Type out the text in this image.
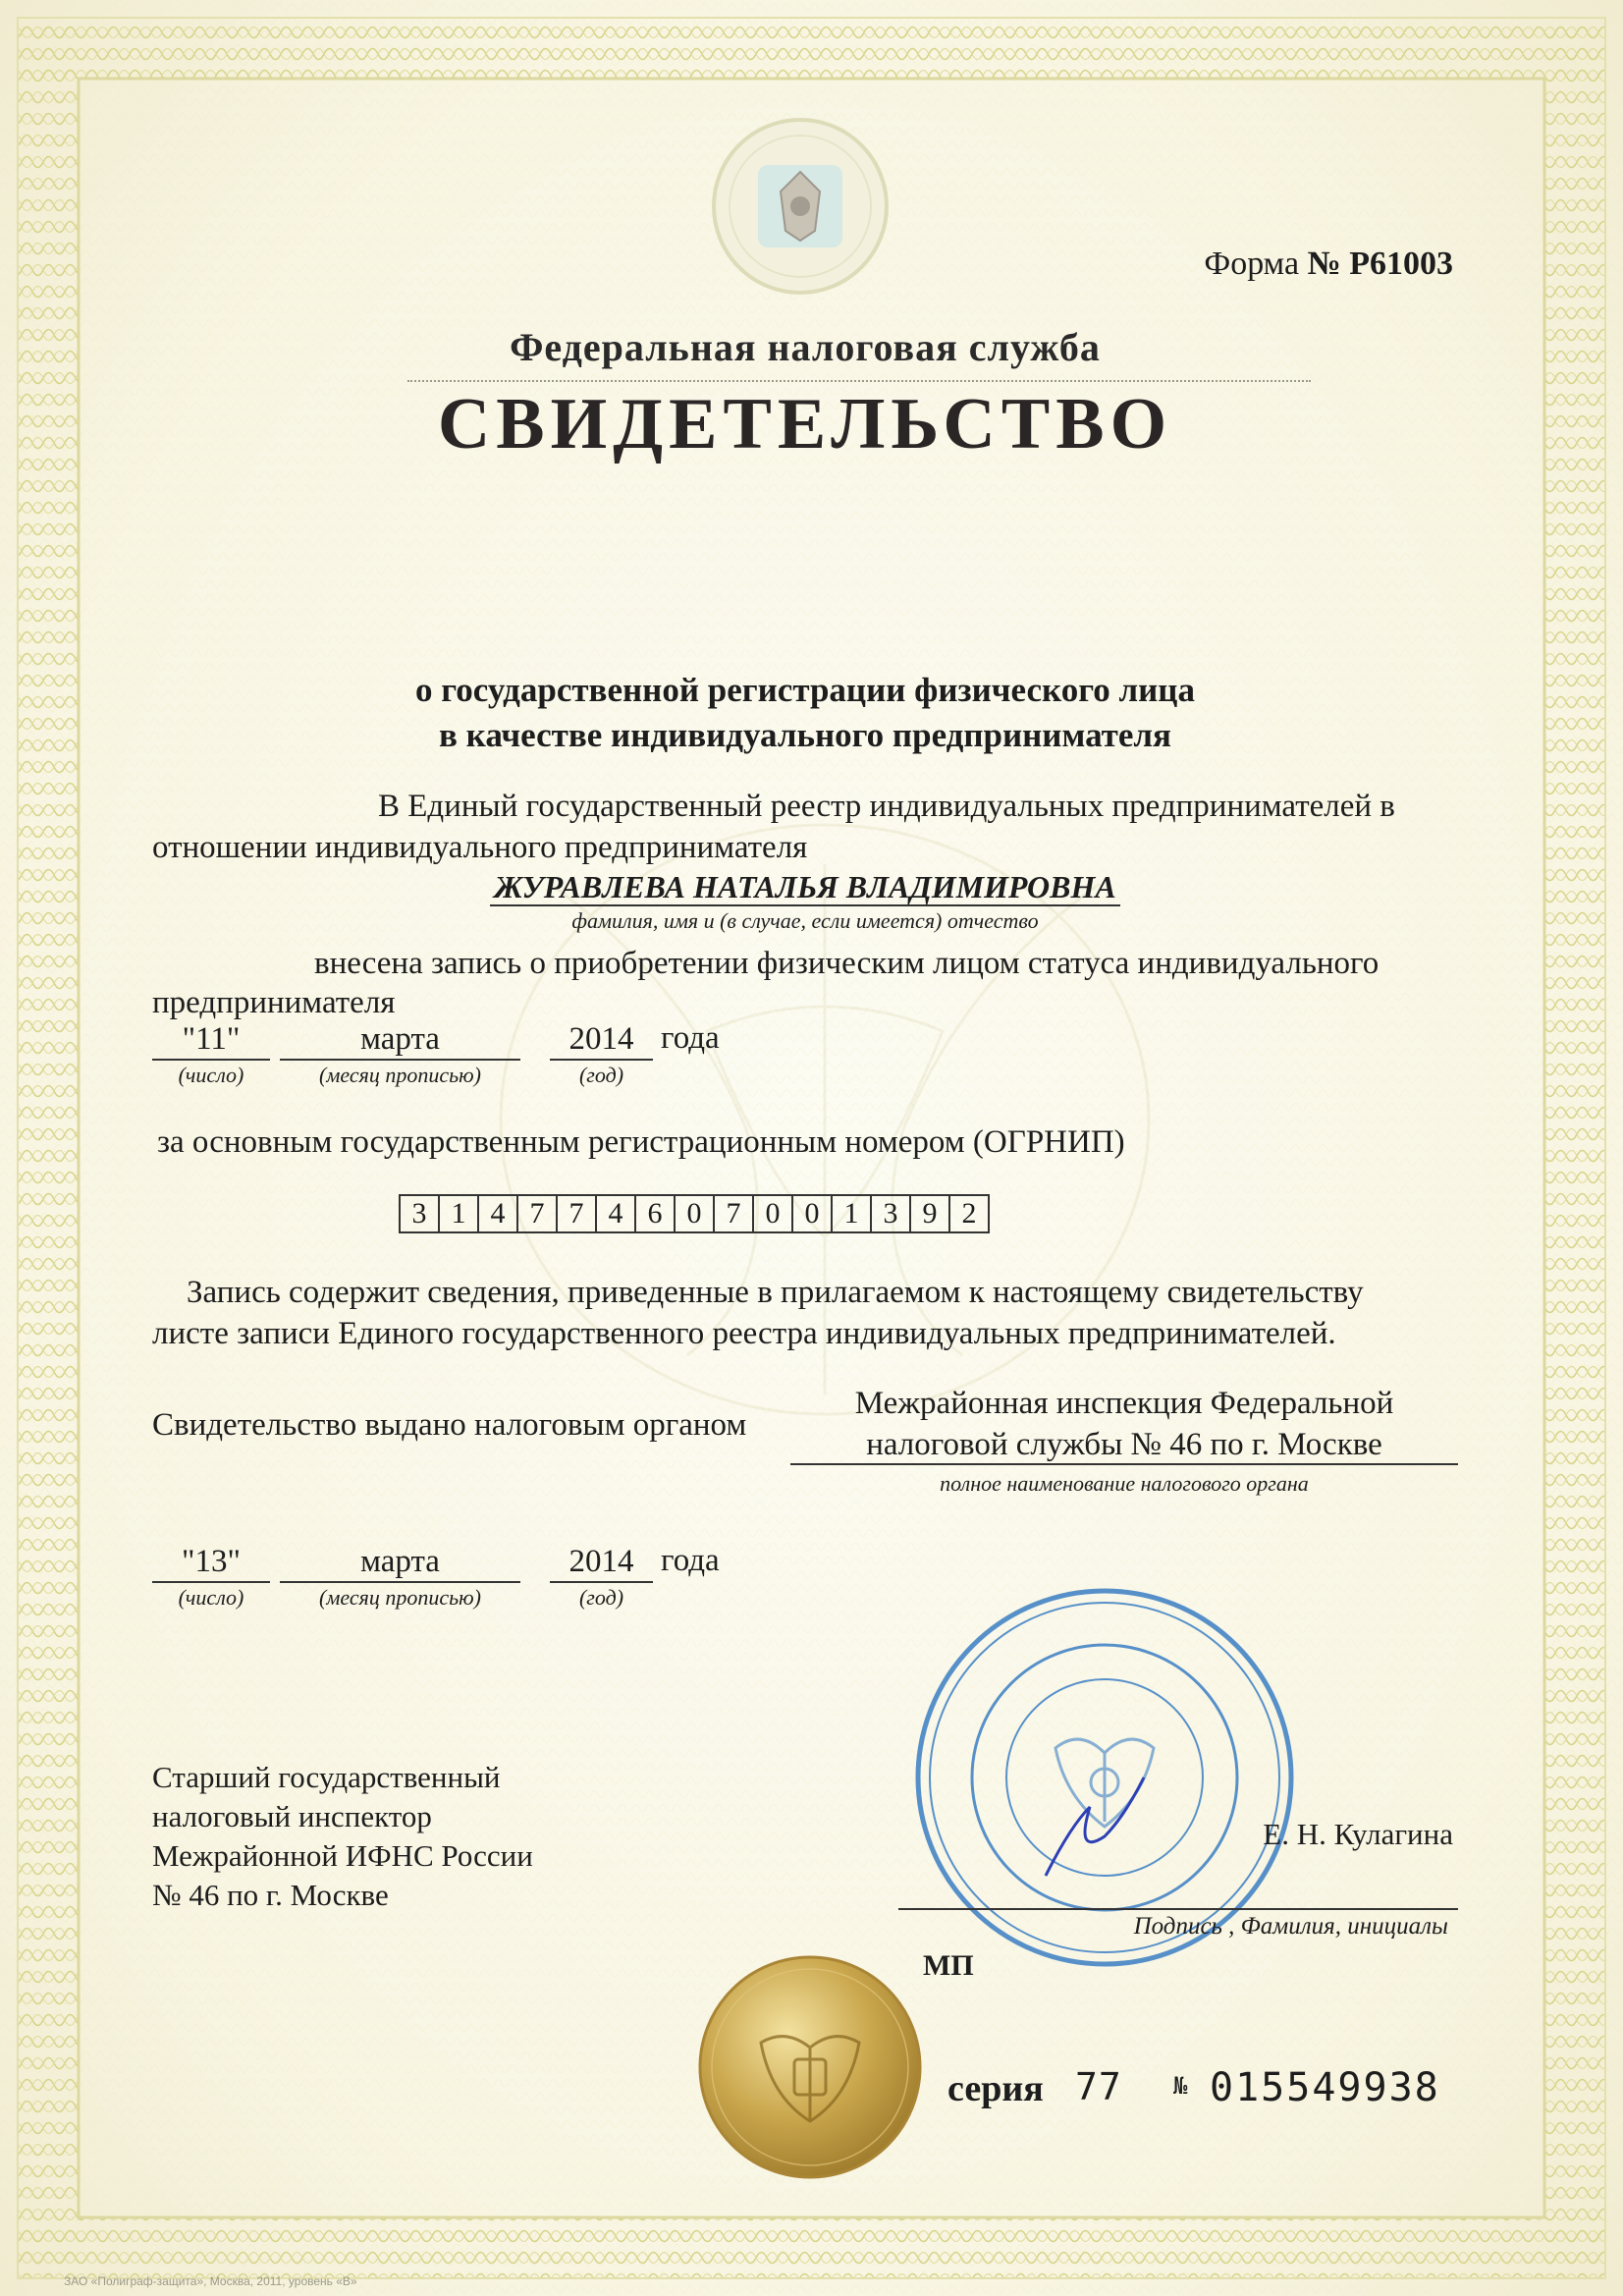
Форма № Р61003
Федеральная налоговая служба
СВИДЕТЕЛЬСТВО
о государственной регистрации физического лица
в качестве индивидуального предпринимателя
В Единый государственный реестр индивидуальных предпринимателей в
отношении индивидуального предпринимателя
ЖУРАВЛЕВА НАТАЛЬЯ ВЛАДИМИРОВНА
фамилия, имя и (в случае, если имеется) отчество
внесена запись о приобретении физическим лицом статуса индивидуального
предпринимателя
"11"	марта	2014 года
(число)	(месяц прописью)	(год)
за основным государственным регистрационным номером (ОГРНИП)
3 1 4 7 7 4 6 0 7 0 0 1 3 9 2
Запись содержит сведения, приведенные в прилагаемом к настоящему свидетельству
листе записи Единого государственного реестра индивидуальных предпринимателей.
Свидетельство выдано налоговым органом
Межрайонная инспекция Федеральной
налоговой службы № 46 по г. Москве
полное наименование налогового органа
"13"	марта	2014 года
(число)	(месяц прописью)	(год)
Старший государственный
налоговый инспектор
Межрайонной ИФНС России
№ 46 по г. Москве
Е. Н. Кулагина
Подпись , Фамилия, инициалы
МП
серия 77 № 015549938
ЗАО «Полиграф-защита», Москва, 2011, уровень «В»
